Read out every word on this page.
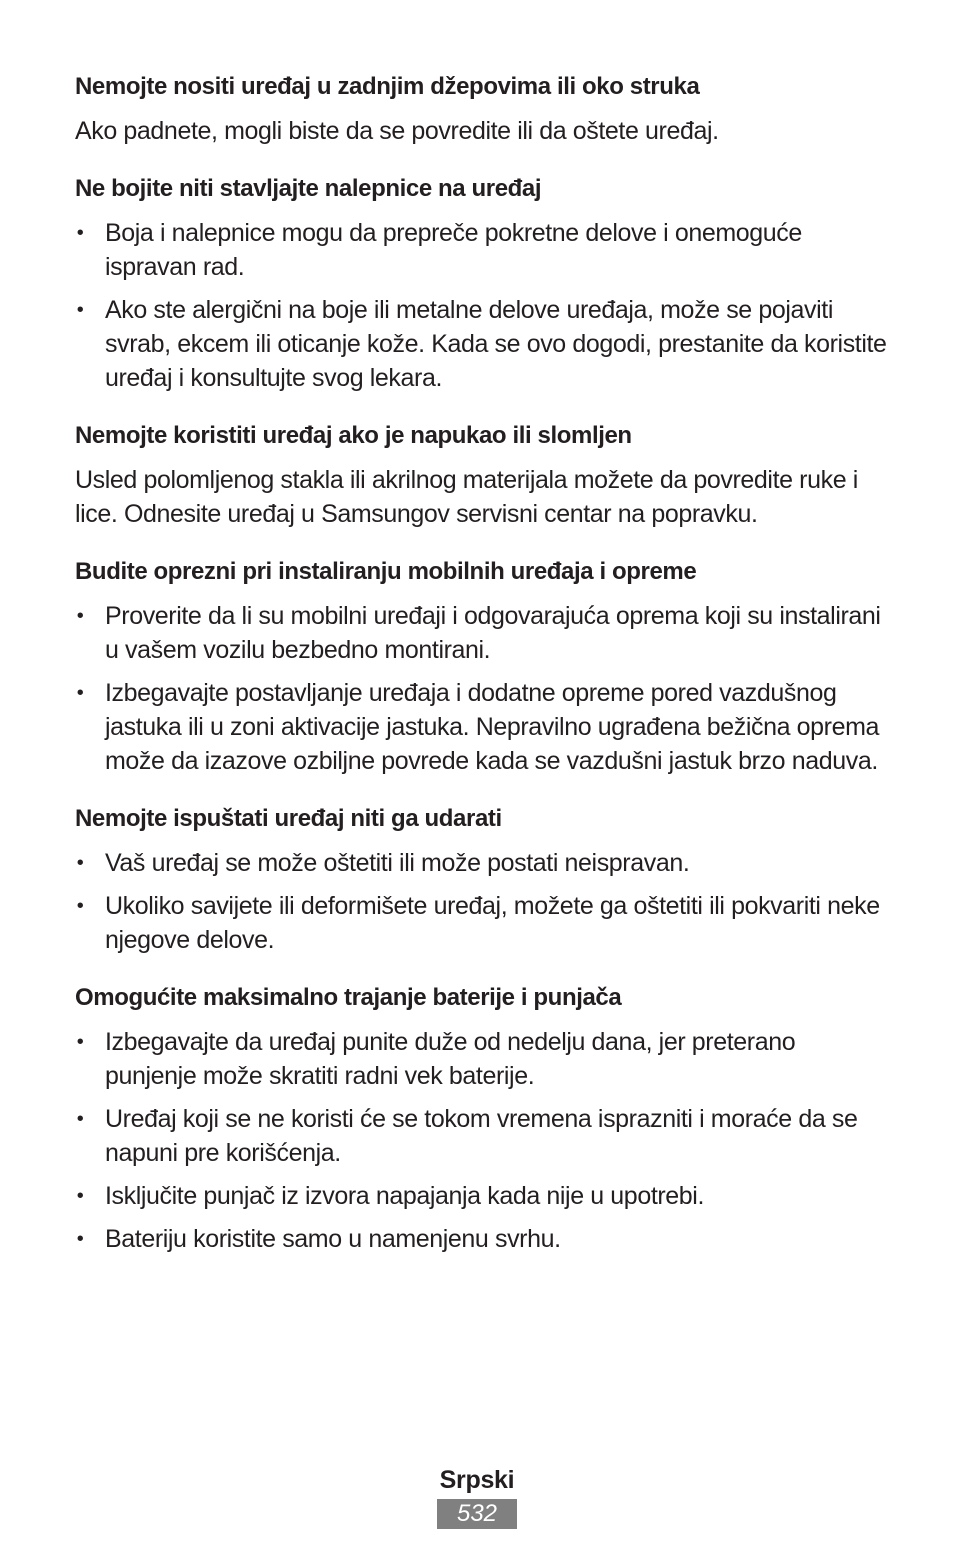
Nemojte nositi uređaj u zadnjim džepovima ili oko struka

Ako padnete, mogli biste da se povredite ili da oštete uređaj.

Ne bojite niti stavljajte nalepnice na uređaj
• Boja i nalepnice mogu da prepreče pokretne delove i onemoguće ispravan rad.
• Ako ste alergični na boje ili metalne delove uređaja, može se pojaviti svrab, ekcem ili oticanje kože. Kada se ovo dogodi, prestanite da koristite uređaj i konsultujte svog lekara.
Nemojte koristiti uređaj ako je napukao ili slomljen

Usled polomljenog stakla ili akrilnog materijala možete da povredite ruke i lice. Odnesite uređaj u Samsungov servisni centar na popravku.

Budite oprezni pri instaliranju mobilnih uređaja i opreme
• Proverite da li su mobilni uređaji i odgovarajuća oprema koji su instalirani u vašem vozilu bezbedno montirani.
• Izbegavajte postavljanje uređaja i dodatne opreme pored vazdušnog jastuka ili u zoni aktivacije jastuka. Nepravilno ugrađena bežična oprema može da izazove ozbiljne povrede kada se vazdušni jastuk brzo naduva.
Nemojte ispuštati uređaj niti ga udarati
• Vaš uređaj se može oštetiti ili može postati neispravan.
• Ukoliko savijete ili deformišete uređaj, možete ga oštetiti ili pokvariti neke njegove delove.
Omogućite maksimalno trajanje baterije i punjača
• Izbegavajte da uređaj punite duže od nedelju dana, jer preterano punjenje može skratiti radni vek baterije.
• Uređaj koji se ne koristi će se tokom vremena isprazniti i moraće da se napuni pre korišćenja.
• Isključite punjač iz izvora napajanja kada nije u upotrebi.
• Bateriju koristite samo u namenjenu svrhu.
Srpski
532
